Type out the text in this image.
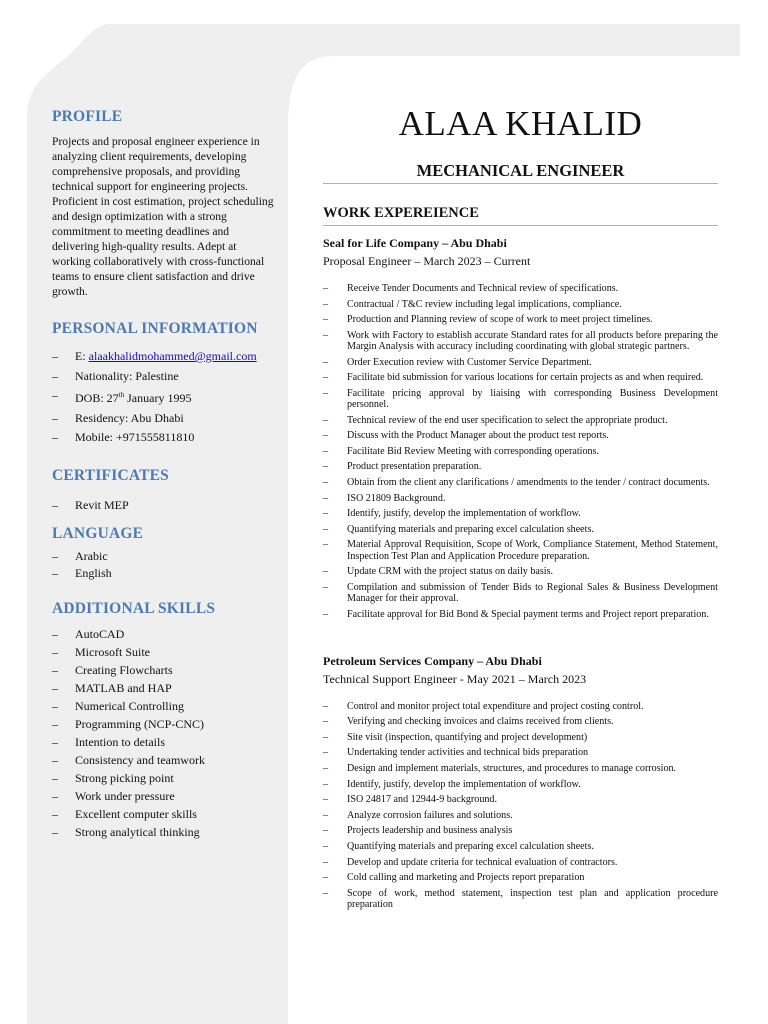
PROFILE

Projects and proposal engineer experience in analyzing client requirements, developing comprehensive proposals, and providing technical support for engineering projects. Proficient in cost estimation, project scheduling and design optimization with a strong commitment to meeting deadlines and delivering high-quality results. Adept at working collaboratively with cross-functional teams to ensure client satisfaction and drive growth.

PERSONAL INFORMATION
– E: alaakhalidmohammed@gmail.com
– Nationality: Palestine
– DOB: 27th January 1995
– Residency: Abu Dhabi
– Mobile: +971555811810
CERTIFICATES
– Revit MEP
LANGUAGE
– Arabic
– English
ADDITIONAL SKILLS
– AutoCAD
– Microsoft Suite
– Creating Flowcharts
– MATLAB and HAP
– Numerical Controlling
– Programming (NCP-CNC)
– Intention to details
– Consistency and teamwork
– Strong picking point
– Work under pressure
– Excellent computer skills
– Strong analytical thinking
ALAA KHALID
MECHANICAL ENGINEER
WORK EXPEREIENCE
Seal for Life Company – Abu Dhabi
Proposal Engineer – March 2023 – Current
– Receive Tender Documents and Technical review of specifications.
– Contractual / T&C review including legal implications, compliance.
– Production and Planning review of scope of work to meet project timelines.
– Work with Factory to establish accurate Standard rates for all products before preparing the Margin Analysis with accuracy including coordinating with global strategic partners.
– Order Execution review with Customer Service Department.
– Facilitate bid submission for various locations for certain projects as and when required.
– Facilitate pricing approval by liaising with corresponding Business Development personnel.
– Technical review of the end user specification to select the appropriate product.
– Discuss with the Product Manager about the product test reports.
– Facilitate Bid Review Meeting with corresponding operations.
– Product presentation preparation.
– Obtain from the client any clarifications / amendments to the tender / contract documents.
– ISO 21809 Background.
– Identify, justify, develop the implementation of workflow.
– Quantifying materials and preparing excel calculation sheets.
– Material Approval Requisition, Scope of Work, Compliance Statement, Method Statement, Inspection Test Plan and Application Procedure preparation.
– Update CRM with the project status on daily basis.
– Compilation and submission of Tender Bids to Regional Sales & Business Development Manager for their approval.
– Facilitate approval for Bid Bond & Special payment terms and Project report preparation.
Petroleum Services Company – Abu Dhabi
Technical Support Engineer - May 2021 – March 2023
– Control and monitor project total expenditure and project costing control.
– Verifying and checking invoices and claims received from clients.
– Site visit (inspection, quantifying and project development)
– Undertaking tender activities and technical bids preparation
– Design and implement materials, structures, and procedures to manage corrosion.
– Identify, justify, develop the implementation of workflow.
– ISO 24817 and 12944-9 background.
– Analyze corrosion failures and solutions.
– Projects leadership and business analysis
– Quantifying materials and preparing excel calculation sheets.
– Develop and update criteria for technical evaluation of contractors.
– Cold calling and marketing and Projects report preparation
– Scope of work, method statement, inspection test plan and application procedure preparation
